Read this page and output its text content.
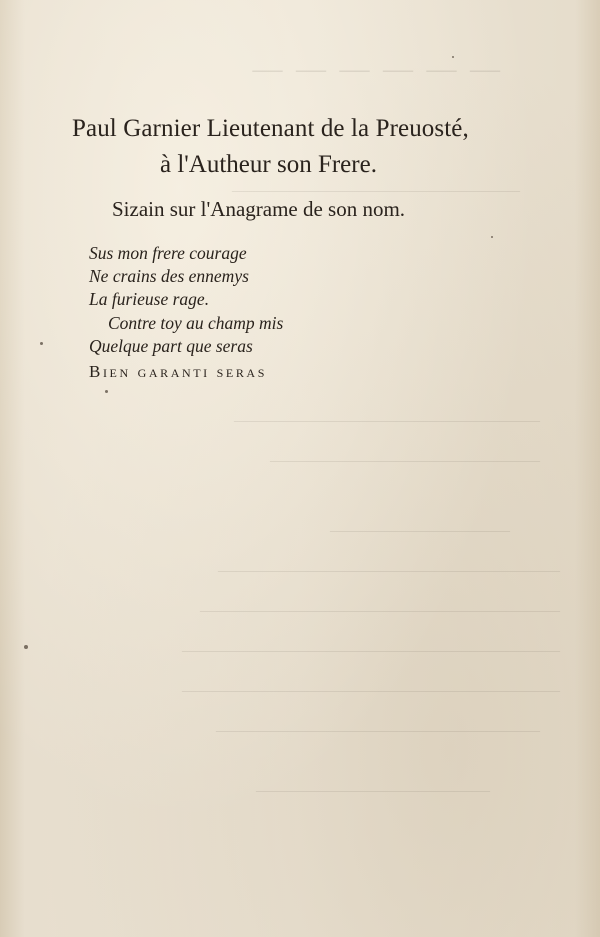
— — — — — —
————————————————
—————————————————
———————————————
——————————
———————————————————
————————————————————
—————————————————————
—————————————————————
——————————————————
—————————————
Paul Garnier Lieutenant de la Preuosté,
à l'Autheur son Frere.
Sizain sur l'Anagrame de son nom.
Sus mon frere courage
Ne crains des ennemys
La furieuse rage.
Contre toy au champ mis
Quelque part que seras
Bien garanti seras
